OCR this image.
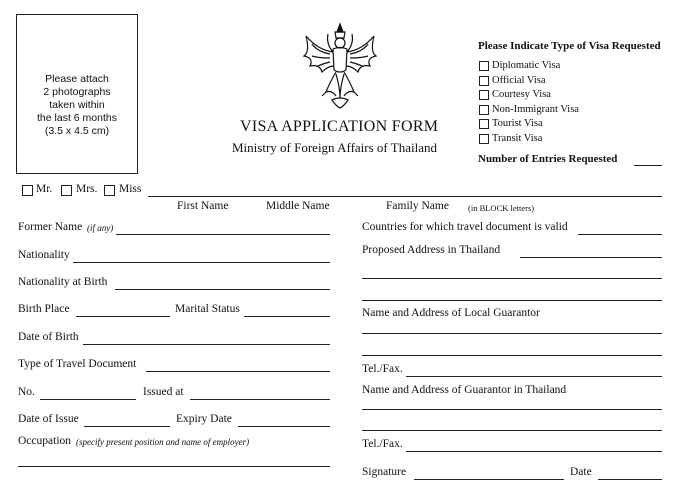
Please attach
2 photographs
taken within
the last 6 months
(3.5 x 4.5 cm)	VISA APPLICATION FORM
Ministry of Foreign Affairs of Thailand
Please Indicate Type of Visa Requested
Diplomatic Visa
Official Visa
Courtesy Visa
Non-Immigrant Visa
Tourist Visa
Transit Visa
Number of Entries Requested
Mr. Mrs. Miss
First Name	Middle Name	Family Name (in BLOCK letters)
Former Name (if any)
Nationality
Nationality at Birth
Birth Place	Marital Status
Date of Birth
Type of Travel Document
No.	Issued at
Date of Issue	Expiry Date
Occupation (specify present position and name of employer)
Countries for which travel document is valid
Proposed Address in Thailand
Name and Address of Local Guarantor
Tel./Fax.
Name and Address of Guarantor in Thailand
Tel./Fax.
Signature	Date
